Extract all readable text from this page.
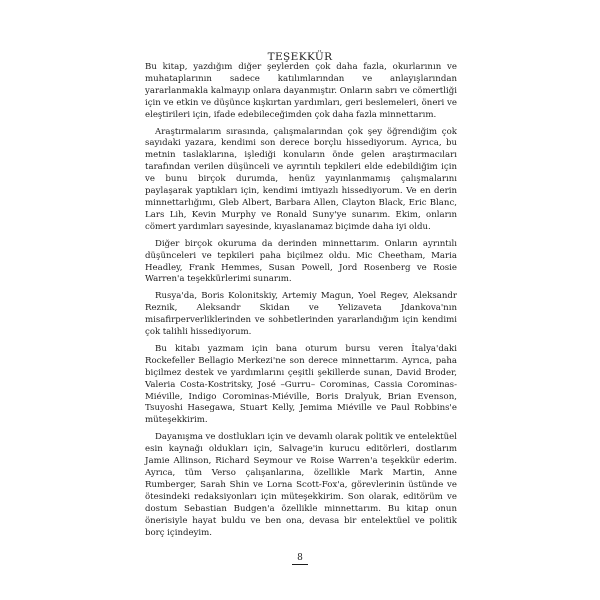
TEŞEKKÜR

Bu kitap, yazdığım diğer şeylerden çok daha fazla, okurlarının ve muhataplarının sadece katılımlarından ve anlayışlarından yararlanmakla kalmayıp onlara dayanmıştır. Onların sabrı ve cömertliği için ve etkin ve düşünce kışkırtan yardımları, geri beslemeleri, öneri ve eleştirileri için, ifade edebileceğimden çok daha fazla minnettarım.

Araştırmalarım sırasında, çalışmalarından çok şey öğrendiğim çok sayıdaki yazara, kendimi son derece borçlu hissediyorum. Ayrıca, bu metnin taslaklarına, işlediği konuların önde gelen araştırmacıları tarafından verilen düşünceli ve ayrıntılı tepkileri elde edebildiğim için ve bunu birçok durumda, henüz yayınlanmamış çalışmalarını paylaşarak yaptıkları için, kendimi imtiyazlı hissediyorum. Ve en derin minnettarlığımı, Gleb Albert, Barbara Allen, Clayton Black, Eric Blanc, Lars Lih, Kevin Murphy ve Ronald Suny'ye sunarım. Ekim, onların cömert yardımları sayesinde, kıyaslanamaz biçimde daha iyi oldu.

Diğer birçok okuruma da derinden minnettarım. Onların ayrıntılı düşünceleri ve tepkileri paha biçilmez oldu. Mic Cheetham, Maria Headley, Frank Hemmes, Susan Powell, Jord Rosenberg ve Rosie Warren'a teşekkürlerimi sunarım.

Rusya'da, Boris Kolonitskiy, Artemiy Magun, Yoel Regev, Aleksandr Reznik, Aleksandr Skidan ve Yelizaveta Jdankova'nın misafirperverliklerinden ve sohbetlerinden yararlandığım için kendimi çok talihli hissediyorum.

Bu kitabı yazmam için bana oturum bursu veren İtalya'daki Rockefeller Bellagio Merkezi'ne son derece minnettarım. Ayrıca, paha biçilmez destek ve yardımlarını çeşitli şekillerde sunan, David Broder, Valeria Costa-Kostritsky, José –Gurru– Corominas, Cassia Corominas-Miéville, Indigo Corominas-Miéville, Boris Dralyuk, Brian Evenson, Tsuyoshi Hasegawa, Stuart Kelly, Jemima Miéville ve Paul Robbins'e müteşekkirim.

Dayanışma ve dostlukları için ve devamlı olarak politik ve entelektüel esin kaynağı oldukları için, Salvage'in kurucu editörleri, dostlarım Jamie Allinson, Richard Seymour ve Roise Warren'a teşekkür ederim. Ayrıca, tüm Verso çalışanlarına, özellikle Mark Martin, Anne Rumberger, Sarah Shin ve Lorna Scott-Fox'a, görevlerinin üstünde ve ötesindeki redaksiyonları için müteşekkirim. Son olarak, editörüm ve dostum Sebastian Budgen'a özellikle minnettarım. Bu kitap onun önerisiyle hayat buldu ve ben ona, devasa bir entelektüel ve politik borç içindeyim.

8
